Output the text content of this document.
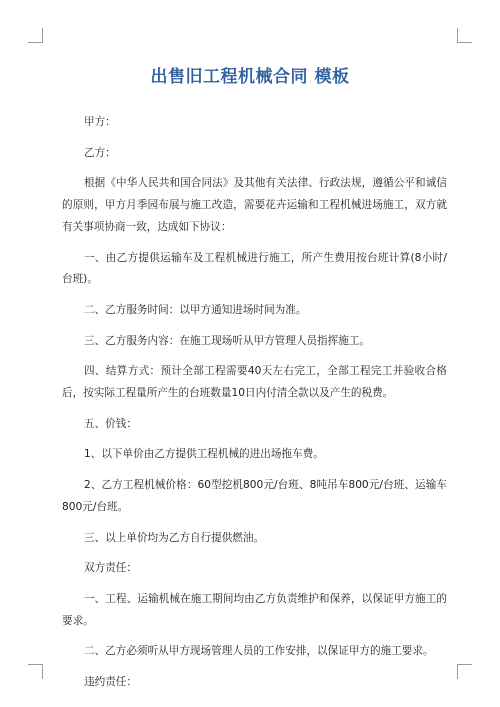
出售旧工程机械合同 模板

甲方：

乙方：

根据《中华人民共和国合同法》及其他有关法律、行政法规，遵循公平和诚信的原则，甲方月季园布展与施工改造，需要花卉运输和工程机械进场施工，双方就有关事项协商一致，达成如下协议：

一、由乙方提供运输车及工程机械进行施工，所产生费用按台班计算(8小时/台班)。

二、乙方服务时间：以甲方通知进场时间为准。

三、乙方服务内容：在施工现场听从甲方管理人员指挥施工。

四、结算方式：预计全部工程需要40天左右完工，全部工程完工并验收合格后，按实际工程量所产生的台班数量10日内付清全款以及产生的税费。

五、价钱：

1、以下单价由乙方提供工程机械的进出场拖车费。

2、乙方工程机械价格：60型挖机800元/台班、8吨吊车800元/台班、运输车800元/台班。

三、以上单价均为乙方自行提供燃油。

双方责任：

一、工程、运输机械在施工期间均由乙方负责维护和保养，以保证甲方施工的要求。

二、乙方必须听从甲方现场管理人员的工作安排，以保证甲方的施工要求。

违约责任：
